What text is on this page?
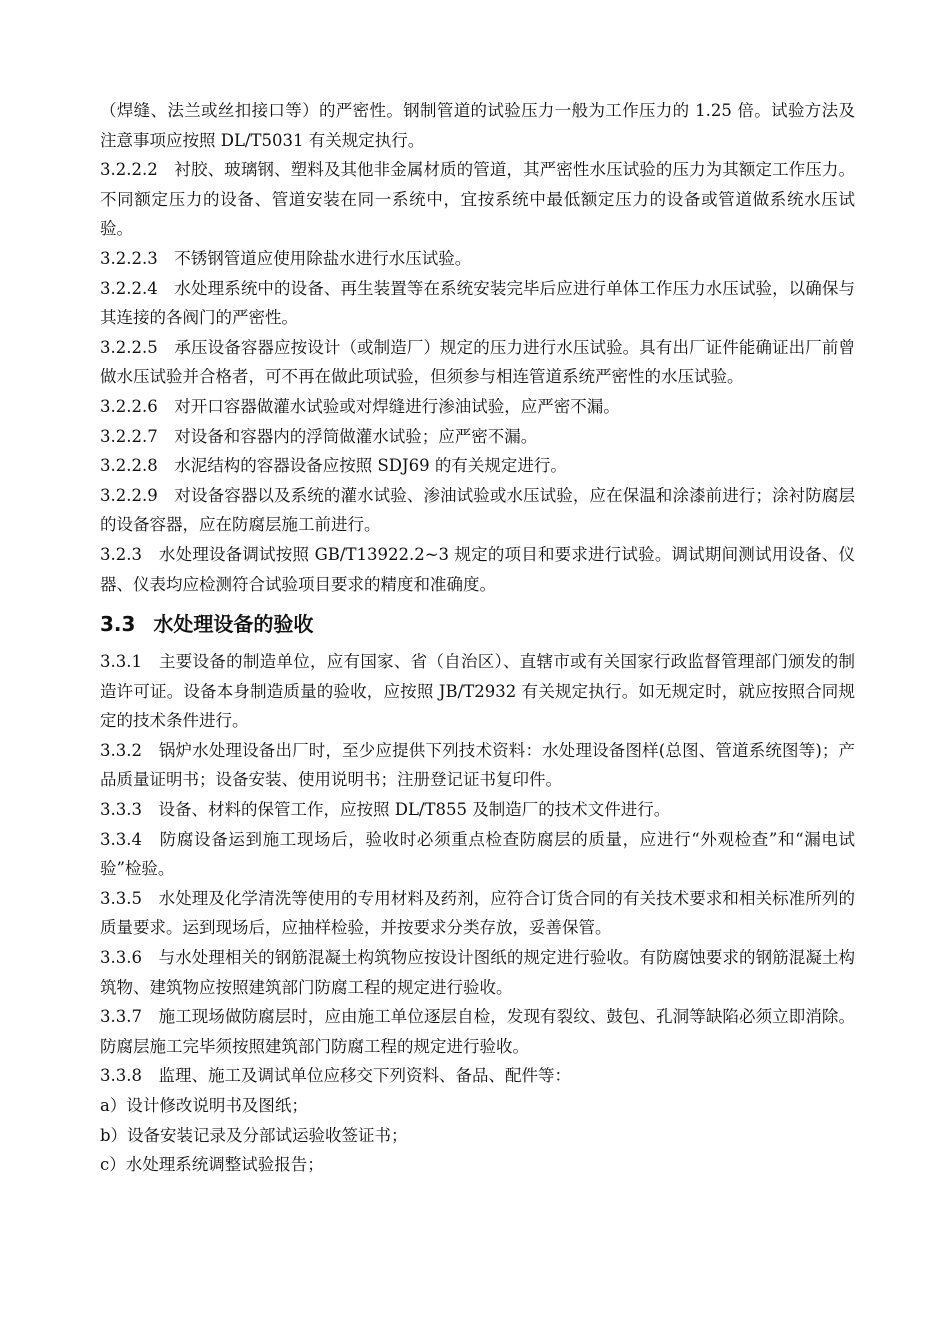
（焊缝、法兰或丝扣接口等）的严密性。钢制管道的试验压力一般为工作压力的 1.25 倍。试验方法及注意事项应按照 DL/T5031 有关规定执行。

3.2.2.2　衬胶、玻璃钢、塑料及其他非金属材质的管道，其严密性水压试验的压力为其额定工作压力。不同额定压力的设备、管道安装在同一系统中，宜按系统中最低额定压力的设备或管道做系统水压试验。

3.2.2.3　不锈钢管道应使用除盐水进行水压试验。

3.2.2.4　水处理系统中的设备、再生装置等在系统安装完毕后应进行单体工作压力水压试验，以确保与其连接的各阀门的严密性。

3.2.2.5　承压设备容器应按设计（或制造厂）规定的压力进行水压试验。具有出厂证件能确证出厂前曾做水压试验并合格者，可不再在做此项试验，但须参与相连管道系统严密性的水压试验。

3.2.2.6　对开口容器做灌水试验或对焊缝进行渗油试验，应严密不漏。

3.2.2.7　对设备和容器内的浮筒做灌水试验；应严密不漏。

3.2.2.8　水泥结构的容器设备应按照 SDJ69 的有关规定进行。

3.2.2.9　对设备容器以及系统的灌水试验、渗油试验或水压试验，应在保温和涂漆前进行；涂衬防腐层的设备容器，应在防腐层施工前进行。

3.2.3　水处理设备调试按照 GB/T13922.2~3 规定的项目和要求进行试验。调试期间测试用设备、仪器、仪表均应检测符合试验项目要求的精度和准确度。

3.3 水处理设备的验收

3.3.1　主要设备的制造单位，应有国家、省（自治区）、直辖市或有关国家行政监督管理部门颁发的制造许可证。设备本身制造质量的验收，应按照 JB/T2932 有关规定执行。如无规定时，就应按照合同规定的技术条件进行。

3.3.2　锅炉水处理设备出厂时，至少应提供下列技术资料：水处理设备图样(总图、管道系统图等)；产品质量证明书；设备安装、使用说明书；注册登记证书复印件。

3.3.3　设备、材料的保管工作，应按照 DL/T855 及制造厂的技术文件进行。

3.3.4　防腐设备运到施工现场后，验收时必须重点检查防腐层的质量，应进行“外观检查”和“漏电试验”检验。

3.3.5　水处理及化学清洗等使用的专用材料及药剂，应符合订货合同的有关技术要求和相关标准所列的质量要求。运到现场后，应抽样检验，并按要求分类存放，妥善保管。

3.3.6　与水处理相关的钢筋混凝土构筑物应按设计图纸的规定进行验收。有防腐蚀要求的钢筋混凝土构筑物、建筑物应按照建筑部门防腐工程的规定进行验收。

3.3.7　施工现场做防腐层时，应由施工单位逐层自检，发现有裂纹、鼓包、孔洞等缺陷必须立即消除。防腐层施工完毕须按照建筑部门防腐工程的规定进行验收。

3.3.8　监理、施工及调试单位应移交下列资料、备品、配件等：

a）设计修改说明书及图纸；

b）设备安装记录及分部试运验收签证书；

c）水处理系统调整试验报告；
